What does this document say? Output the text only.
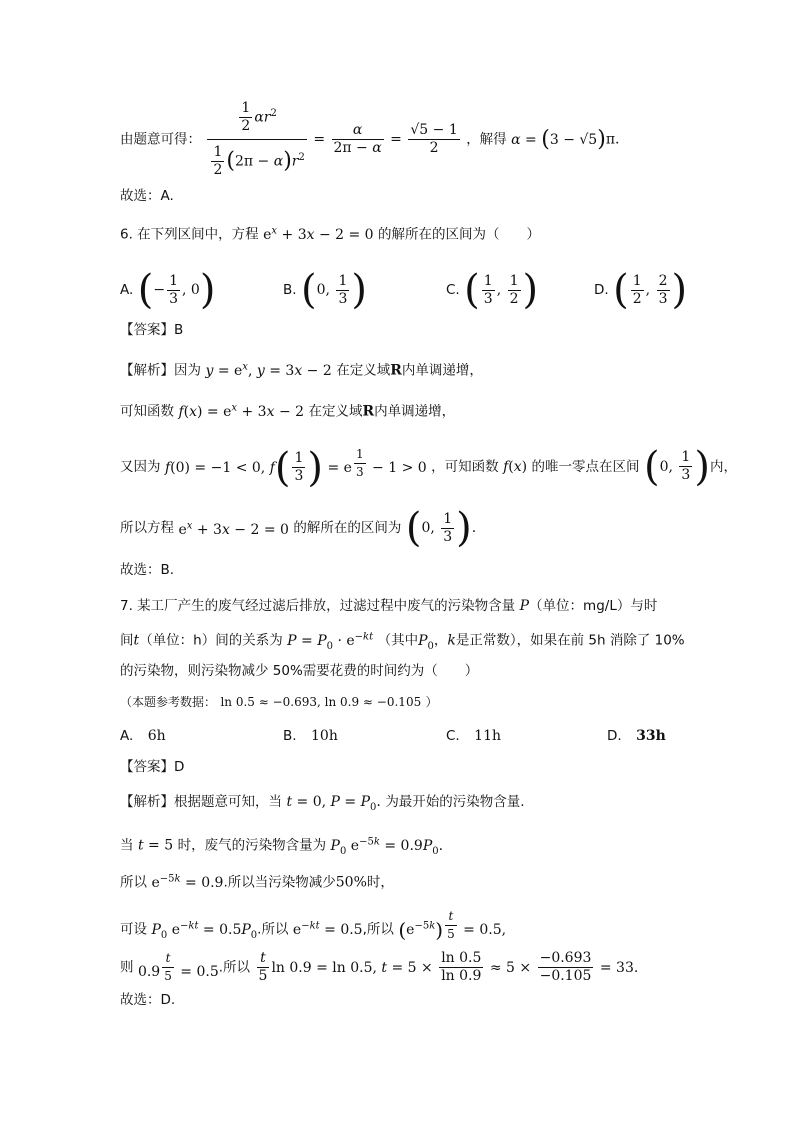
由题意可得： $\frac{\frac{1}{2} \alpha r^2}{\frac{1}{2} (2\pi - \alpha)r^2} = \frac{\alpha}{2\pi - \alpha} = \frac{√5 - 1}{2}$ ，解得 α = (3 − √5)π.
故选：A.
6. 在下列区间中，方程 $e^x + 3x - 2 = 0$ 的解所在的区间为（　　）
A. (− $\frac{1}{3}$ , 0)	B. (0, $\frac{1}{3}$ )	C. ( $\frac{1}{3}$ , $\frac{1}{2}$ )	D. ( $\frac{1}{2}$ , $\frac{2}{3}$ )
【答案】B
【解析】因为 $y = e^x$, y = 3x − 2 在定义域R内单调递增，
可知函数 $f(x) = e^x + 3x - 2$ 在定义域R内单调递增，
又因为 f(0) = −1 < 0, $f( \frac{1}{3}$ ) = e $^{\frac{1}{3}}$ − 1 > 0 ，可知函数 f(x) 的唯一零点在区间 (0, $\frac{1}{3}$ )内，
所以方程 $e^x + 3x - 2 = 0$ 的解所在的区间为 (0, $\frac{1}{3}$ ).
故选：B.
7. 某工厂产生的废气经过滤后排放，过滤过程中废气的污染物含量 P（单位：mg/L）与时
间t（单位：h）间的关系为 $P = P_0 \cdot e^{-kt}$ （其中$P_0$，k是正常数），如果在前 5h 消除了 10%
的污染物，则污染物减少 50%需要花费的时间约为（　　）
（本题参考数据： ln 0.5 ≈ −0.693, ln 0.9 ≈ −0.105 ）
A. 6h	B. 10h	C. 11h	D. 33h
【答案】D
【解析】根据题意可知，当 t = 0, $P = P_0$. 为最开始的污染物含量.
当 t = 5 时，废气的污染物含量为 $P_0$ $e^{-5k} = 0.9P_0$.
所以 $e^{-5k} = 0.9$.所以当污染物减少50%时，
可设 $P_0$ $e^{-kt} = 0.5P_0$.所以 $e^{-kt} = 0.5$,所以 $(e^{-5k}) ^{\frac{t}{5}} = 0.5$,
则 0.9 $^{\frac{t}{5}}$ = 0.5.所以 $\frac{t}{5}$ ln 0.9 = ln 0.5, $t = 5 \times \frac{\ln 0.5}{\ln 0.9} \approx 5 \times \frac{-0.693}{-0.105} = 33$.
故选：D.
